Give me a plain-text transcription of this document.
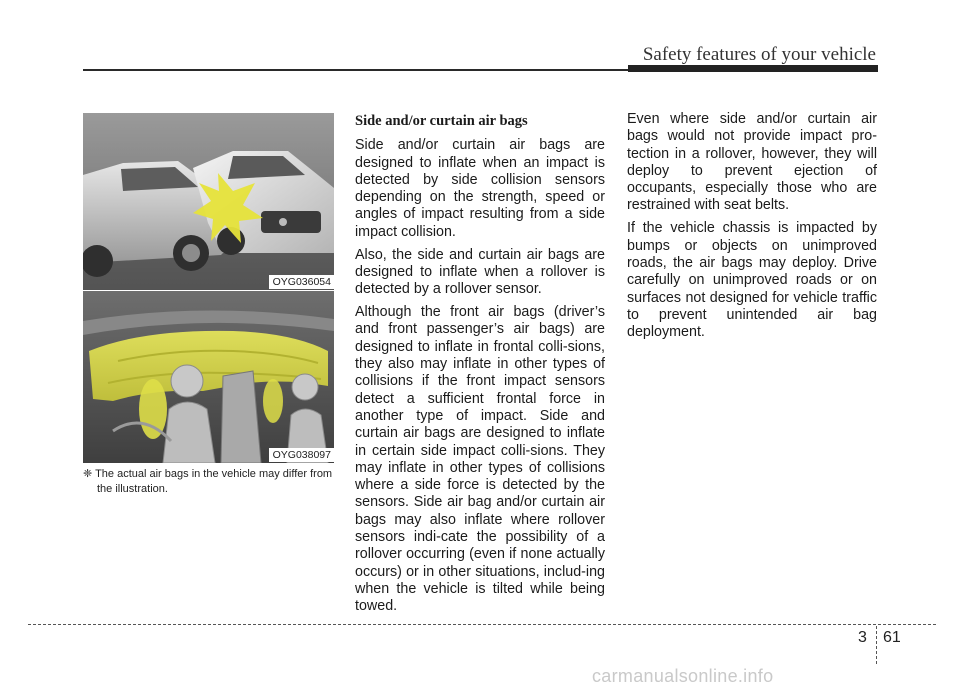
Safety features of your vehicle
OYG036054
OYG038097
❈ The actual air bags in the vehicle may differ from the illustration.
Side and/or curtain air bags

Side and/or curtain air bags are designed to inflate when an impact is detected by side collision sensors depending on the strength, speed or angles of impact resulting from a side impact collision.

Also, the side and curtain air bags are designed to inflate when a rollover is detected by a rollover sensor.

Although the front air bags (driver’s and front passenger’s air bags) are designed to inflate in frontal colli-sions, they also may inflate in other types of collisions if the front impact sensors detect a sufficient frontal force in another type of impact. Side and curtain air bags are designed to inflate in certain side impact colli-sions. They may inflate in other types of collisions where a side force is detected by the sensors. Side air bag and/or curtain air bags may also inflate where rollover sensors indi-cate the possibility of a rollover occurring (even if none actually occurs) or in other situations, includ-ing when the vehicle is tilted while being towed.

Even where side and/or curtain air bags would not provide impact pro-tection in a rollover, however, they will deploy to prevent ejection of occupants, especially those who are restrained with seat belts.

If the vehicle chassis is impacted by bumps or objects on unimproved roads, the air bags may deploy. Drive carefully on unimproved roads or on surfaces not designed for vehicle traffic to prevent unintended air bag deployment.

3 61
carmanualsonline.info
